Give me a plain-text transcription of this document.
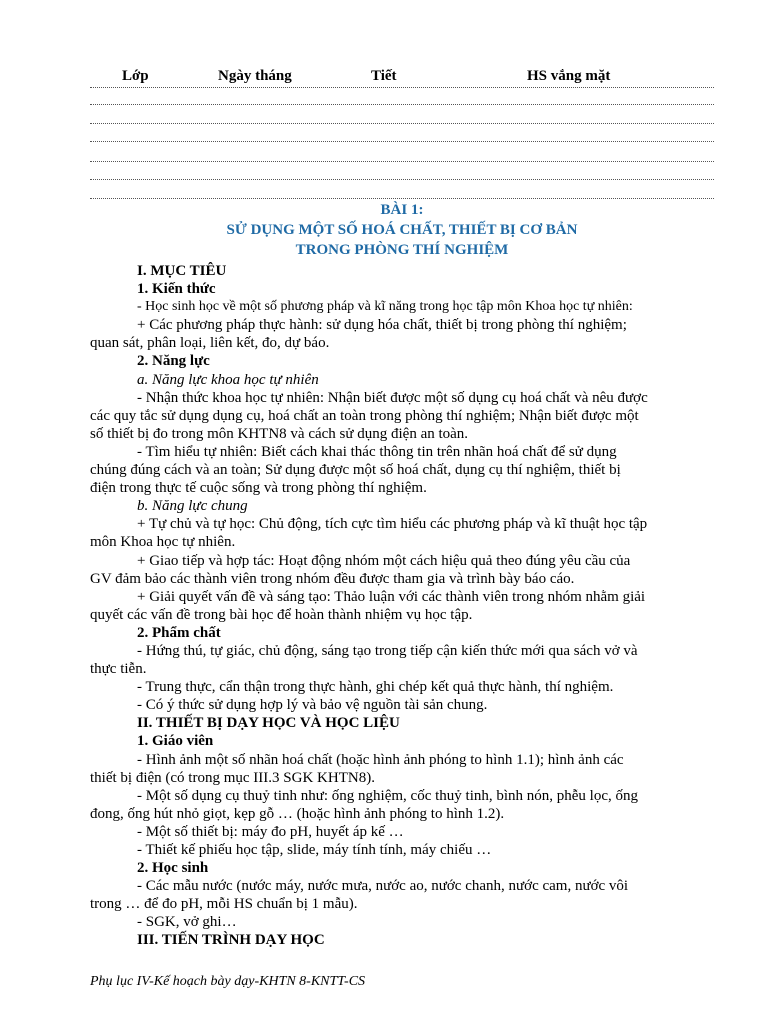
Lớp	Ngày tháng	Tiết	HS vắng mặt
BÀI 1:
SỬ DỤNG MỘT SỐ HOÁ CHẤT, THIẾT BỊ CƠ BẢN
TRONG PHÒNG THÍ NGHIỆM

I. MỤC TIÊU

1. Kiến thức

- Học sinh học về một số phương pháp và kĩ năng trong học tập môn Khoa học tự nhiên:

+ Các phương pháp thực hành: sử dụng hóa chất, thiết bị trong phòng thí nghiệm;

quan sát, phân loại, liên kết, đo, dự báo.

2. Năng lực

a. Năng lực khoa học tự nhiên

- Nhận thức khoa học tự nhiên: Nhận biết được một số dụng cụ hoá chất và nêu được

các quy tắc sử dụng dụng cụ, hoá chất an toàn trong phòng thí nghiệm; Nhận biết được một

số thiết bị đo trong môn KHTN8 và cách sử dụng điện an toàn.

- Tìm hiểu tự nhiên: Biết cách khai thác thông tin trên nhãn hoá chất để sử dụng

chúng đúng cách và an toàn; Sử dụng được một số hoá chất, dụng cụ thí nghiệm, thiết bị

điện trong thực tế cuộc sống và trong phòng thí nghiệm.

b. Năng lực chung

+ Tự chủ và tự học: Chủ động, tích cực tìm hiểu các phương pháp và kĩ thuật học tập

môn Khoa học tự nhiên.

+ Giao tiếp và hợp tác: Hoạt động nhóm một cách hiệu quả theo đúng yêu cầu của

GV đảm bảo các thành viên trong nhóm đều được tham gia và trình bày báo cáo.

+ Giải quyết vấn đề và sáng tạo: Thảo luận với các thành viên trong nhóm nhằm giải

quyết các vấn đề trong bài học để hoàn thành nhiệm vụ học tập.

2. Phẩm chất

- Hứng thú, tự giác, chủ động, sáng tạo trong tiếp cận kiến thức mới qua sách vở và

thực tiễn.

- Trung thực, cẩn thận trong thực hành, ghi chép kết quả thực hành, thí nghiệm.

- Có ý thức sử dụng hợp lý và bảo vệ nguồn tài sản chung.

II. THIẾT BỊ DẠY HỌC VÀ HỌC LIỆU

1. Giáo viên

- Hình ảnh một số nhãn hoá chất (hoặc hình ảnh phóng to hình 1.1); hình ảnh các

thiết bị điện (có trong mục III.3 SGK KHTN8).

- Một số dụng cụ thuỷ tinh như: ống nghiệm, cốc thuỷ tinh, bình nón, phễu lọc, ống

đong, ống hút nhỏ giọt, kẹp gỗ … (hoặc hình ảnh phóng to hình 1.2).

- Một số thiết bị: máy đo pH, huyết áp kế …

- Thiết kế phiếu học tập, slide, máy tính tính, máy chiếu …

2. Học sinh

- Các mẫu nước (nước máy, nước mưa, nước ao, nước chanh, nước cam, nước vôi

trong … để đo pH, mỗi HS chuẩn bị 1 mẫu).

- SGK, vở ghi…

III. TIẾN TRÌNH DẠY HỌC

Phụ lục IV-Kế hoạch bày dạy-KHTN 8-KNTT-CS
